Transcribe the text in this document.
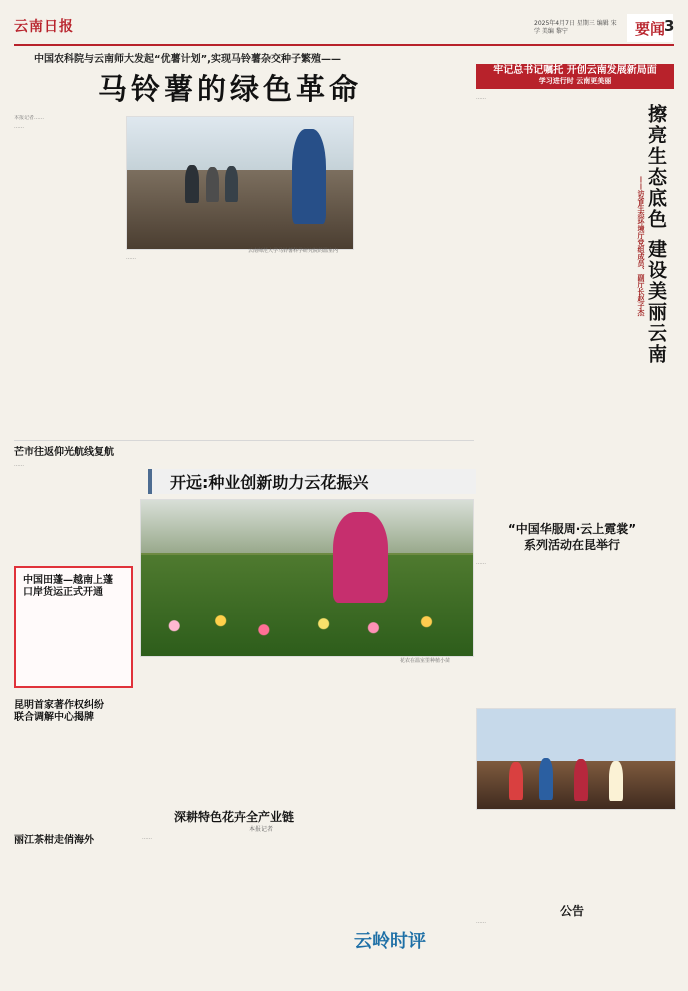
云南日报	2025年4月7日 星期三 编辑 宋学 美编 黎宁	要闻
3
中国农科院与云南师大发起“优薯计划”,实现马铃薯杂交种子繁殖——
马铃薯的绿色革命

本报记者……

……

云南师范大学马铃薯科学研究院的温室内

……

牢记总书记嘱托 开创云南发展新局面
学习进行时 云南更美丽
擦亮生态底色 建设美丽云南
——访省生态环境厅党组成员、副厅长赵子杰

……

芒市往返仰光航线复航

……

中国田蓬—越南上蓬
口岸货运正式开通
昆明首家著作权纠纷
联合调解中心揭牌
丽江茶柑走俏海外
开远:种业创新助力云花振兴
花农在温室里种植小苗
“中国华服周·云上霓裳”
系列活动在昆举行

……

深耕特色花卉全产业链
本报记者

……

云岭时评
公告

……
